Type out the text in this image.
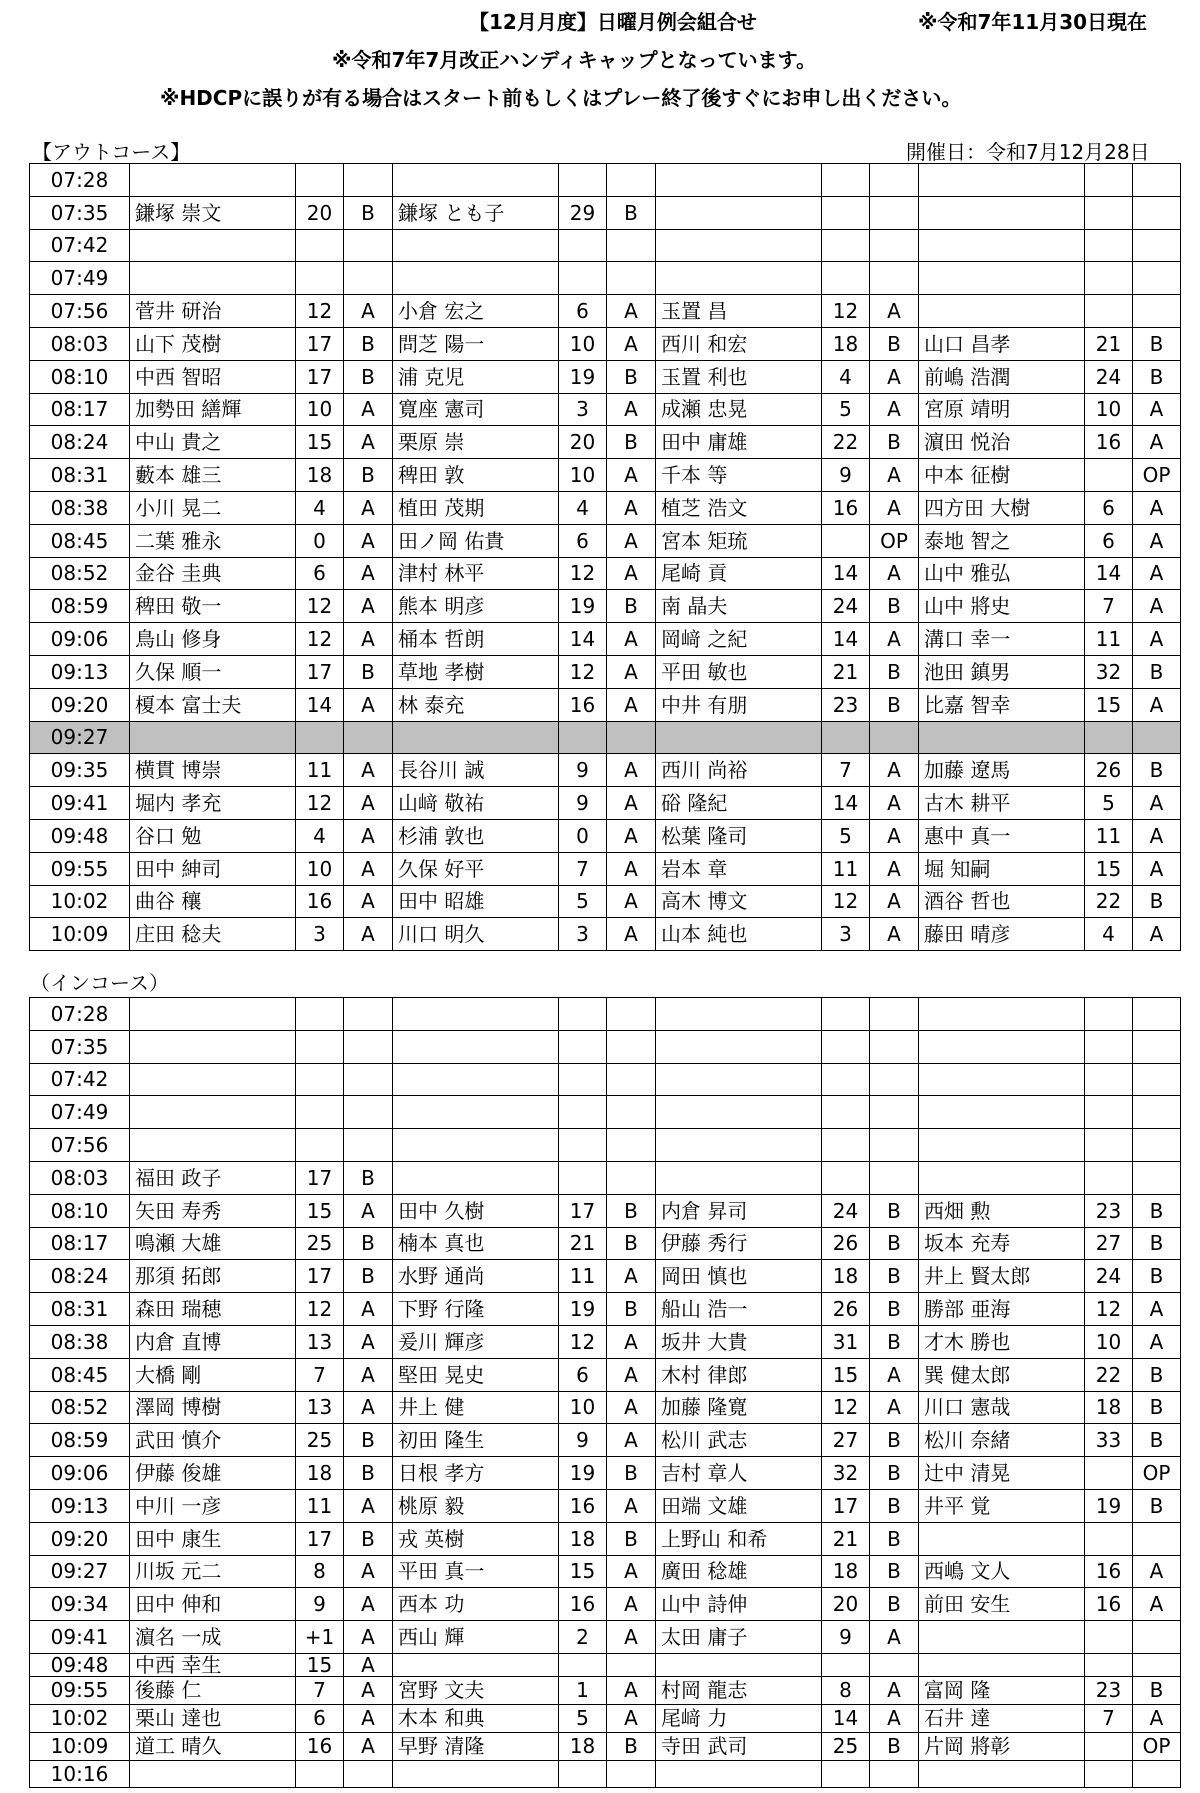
【12月月度】日曜月例会組合せ	※令和7年11月30日現在
※令和7年7月改正ハンディキャップとなっています。
※HDCPに誤りが有る場合はスタート前もしくはプレー終了後すぐにお申し出ください。
【アウトコース】	開催日：令和7月12月28日
07:28												
07:35	鎌塚 崇文	20	B	鎌塚 とも子	29	B						
07:42												
07:49												
07:56	菅井 研治	12	A	小倉 宏之	6	A	玉置 昌	12	A			
08:03	山下 茂樹	17	B	問芝 陽一	10	A	西川 和宏	18	B	山口 昌孝	21	B
08:10	中西 智昭	17	B	浦 克児	19	B	玉置 利也	4	A	前嶋 浩潤	24	B
08:17	加勢田 繕輝	10	A	寛座 憲司	3	A	成瀬 忠晃	5	A	宮原 靖明	10	A
08:24	中山 貴之	15	A	栗原 崇	20	B	田中 庸雄	22	B	濵田 悦治	16	A
08:31	藪本 雄三	18	B	稗田 敦	10	A	千本 等	9	A	中本 征樹		OP
08:38	小川 晃二	4	A	植田 茂期	4	A	植芝 浩文	16	A	四方田 大樹	6	A
08:45	二葉 雅永	0	A	田ノ岡 佑貴	6	A	宮本 矩琉		OP	泰地 智之	6	A
08:52	金谷 圭典	6	A	津村 林平	12	A	尾崎 貢	14	A	山中 雅弘	14	A
08:59	稗田 敬一	12	A	熊本 明彦	19	B	南 晶夫	24	B	山中 將史	7	A
09:06	鳥山 修身	12	A	桶本 哲朗	14	A	岡﨑 之紀	14	A	溝口 幸一	11	A
09:13	久保 順一	17	B	草地 孝樹	12	A	平田 敏也	21	B	池田 鎮男	32	B
09:20	榎本 富士夫	14	A	林 泰充	16	A	中井 有朋	23	B	比嘉 智幸	15	A
09:27												
09:35	横貫 博崇	11	A	長谷川 誠	9	A	西川 尚裕	7	A	加藤 遼馬	26	B
09:41	堀内 孝充	12	A	山﨑 敬祐	9	A	硲 隆紀	14	A	古木 耕平	5	A
09:48	谷口 勉	4	A	杉浦 敦也	0	A	松葉 隆司	5	A	惠中 真一	11	A
09:55	田中 紳司	10	A	久保 好平	7	A	岩本 章	11	A	堀 知嗣	15	A
10:02	曲谷 穰	16	A	田中 昭雄	5	A	高木 博文	12	A	酒谷 哲也	22	B
10:09	庄田 稔夫	3	A	川口 明久	3	A	山本 純也	3	A	藤田 晴彦	4	A
（インコース）
07:28												
07:35												
07:42												
07:49												
07:56												
08:03	福田 政子	17	B									
08:10	矢田 寿秀	15	A	田中 久樹	17	B	内倉 昇司	24	B	西畑 勲	23	B
08:17	鳴瀬 大雄	25	B	楠本 真也	21	B	伊藤 秀行	26	B	坂本 充寿	27	B
08:24	那須 拓郎	17	B	水野 通尚	11	A	岡田 慎也	18	B	井上 賢太郎	24	B
08:31	森田 瑞穂	12	A	下野 行隆	19	B	船山 浩一	26	B	勝部 亜海	12	A
08:38	内倉 直博	13	A	爰川 輝彦	12	A	坂井 大貴	31	B	才木 勝也	10	A
08:45	大橋 剛	7	A	堅田 晃史	6	A	木村 律郎	15	A	巽 健太郎	22	B
08:52	澤岡 博樹	13	A	井上 健	10	A	加藤 隆寛	12	A	川口 憲哉	18	B
08:59	武田 慎介	25	B	初田 隆生	9	A	松川 武志	27	B	松川 奈緒	33	B
09:06	伊藤 俊雄	18	B	日根 孝方	19	B	吉村 章人	32	B	辻中 清晃		OP
09:13	中川 一彦	11	A	桃原 毅	16	A	田端 文雄	17	B	井平 覚	19	B
09:20	田中 康生	17	B	戎 英樹	18	B	上野山 和希	21	B			
09:27	川坂 元二	8	A	平田 真一	15	A	廣田 稔雄	18	B	西嶋 文人	16	A
09:34	田中 伸和	9	A	西本 功	16	A	山中 詩伸	20	B	前田 安生	16	A
09:41	濵名 一成	+1	A	西山 輝	2	A	太田 庸子	9	A			
09:48	中西 幸生	15	A									
09:55	後藤 仁	7	A	宮野 文夫	1	A	村岡 龍志	8	A	富岡 隆	23	B
10:02	栗山 達也	6	A	木本 和典	5	A	尾﨑 力	14	A	石井 達	7	A
10:09	道工 晴久	16	A	早野 清隆	18	B	寺田 武司	25	B	片岡 將彰		OP
10:16												
